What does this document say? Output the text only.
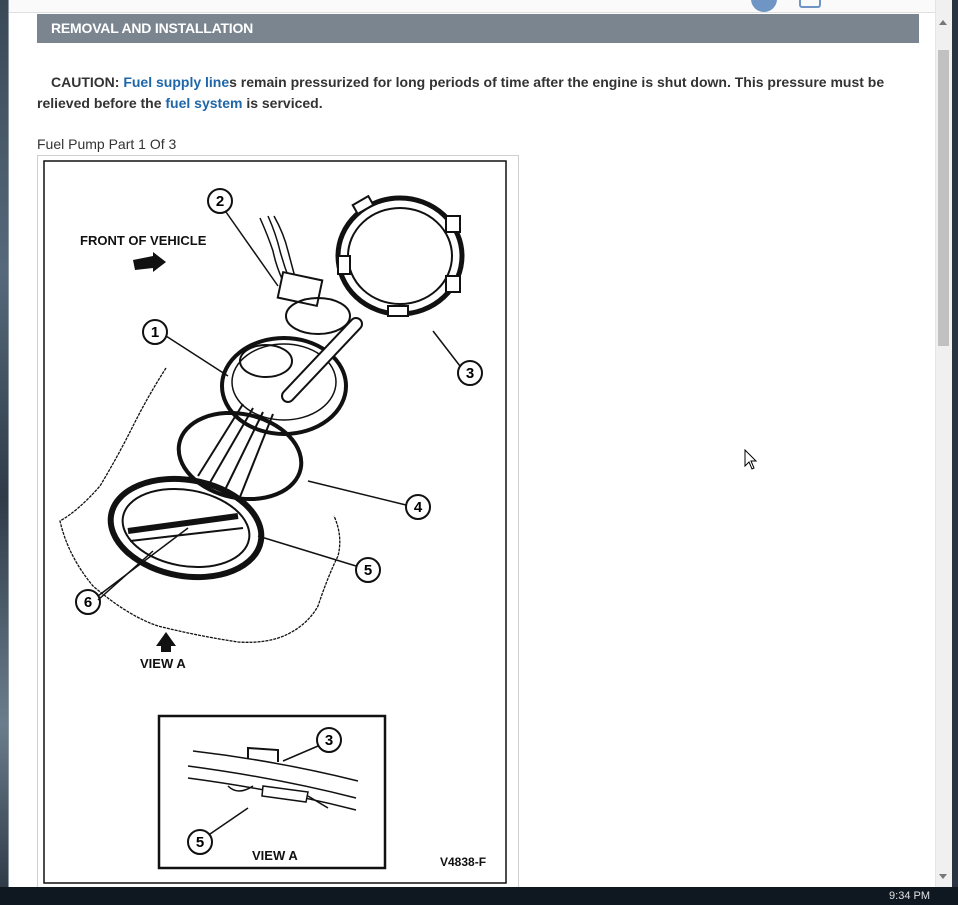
REMOVAL AND INSTALLATION
CAUTION: Fuel supply lines remain pressurized for long periods of time after the engine is shut down. This pressure must be relieved before the fuel system is serviced.
Fuel Pump Part 1 Of 3
FRONT OF VEHICLE
2
1
3
4
5
6
VIEW A
3
5
VIEW A	V4838-F
9:34 PM
